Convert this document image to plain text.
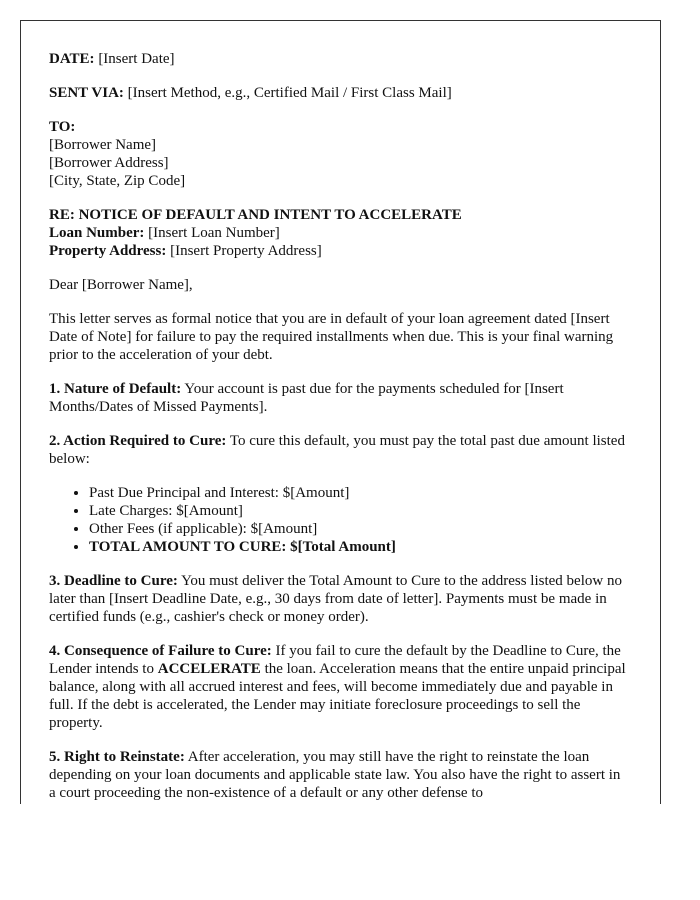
DATE: [Insert Date]

SENT VIA: [Insert Method, e.g., Certified Mail / First Class Mail]

TO:
[Borrower Name]
[Borrower Address]
[City, State, Zip Code]

RE: NOTICE OF DEFAULT AND INTENT TO ACCELERATE
Loan Number: [Insert Loan Number]
Property Address: [Insert Property Address]

Dear [Borrower Name],

This letter serves as formal notice that you are in default of your loan agreement dated [Insert Date of Note] for failure to pay the required installments when due. This is your final warning prior to the acceleration of your debt.

1. Nature of Default: Your account is past due for the payments scheduled for [Insert Months/Dates of Missed Payments].

2. Action Required to Cure: To cure this default, you must pay the total past due amount listed below:

• Past Due Principal and Interest: $[Amount]
• Late Charges: $[Amount]
• Other Fees (if applicable): $[Amount]
• TOTAL AMOUNT TO CURE: $[Total Amount]

3. Deadline to Cure: You must deliver the Total Amount to Cure to the address listed below no later than [Insert Deadline Date, e.g., 30 days from date of letter]. Payments must be made in certified funds (e.g., cashier's check or money order).

4. Consequence of Failure to Cure: If you fail to cure the default by the Deadline to Cure, the Lender intends to ACCELERATE the loan. Acceleration means that the entire unpaid principal balance, along with all accrued interest and fees, will become immediately due and payable in full. If the debt is accelerated, the Lender may initiate foreclosure proceedings to sell the property.

5. Right to Reinstate: After acceleration, you may still have the right to reinstate the loan depending on your loan documents and applicable state law. You also have the right to assert in a court proceeding the non-existence of a default or any other defense to
